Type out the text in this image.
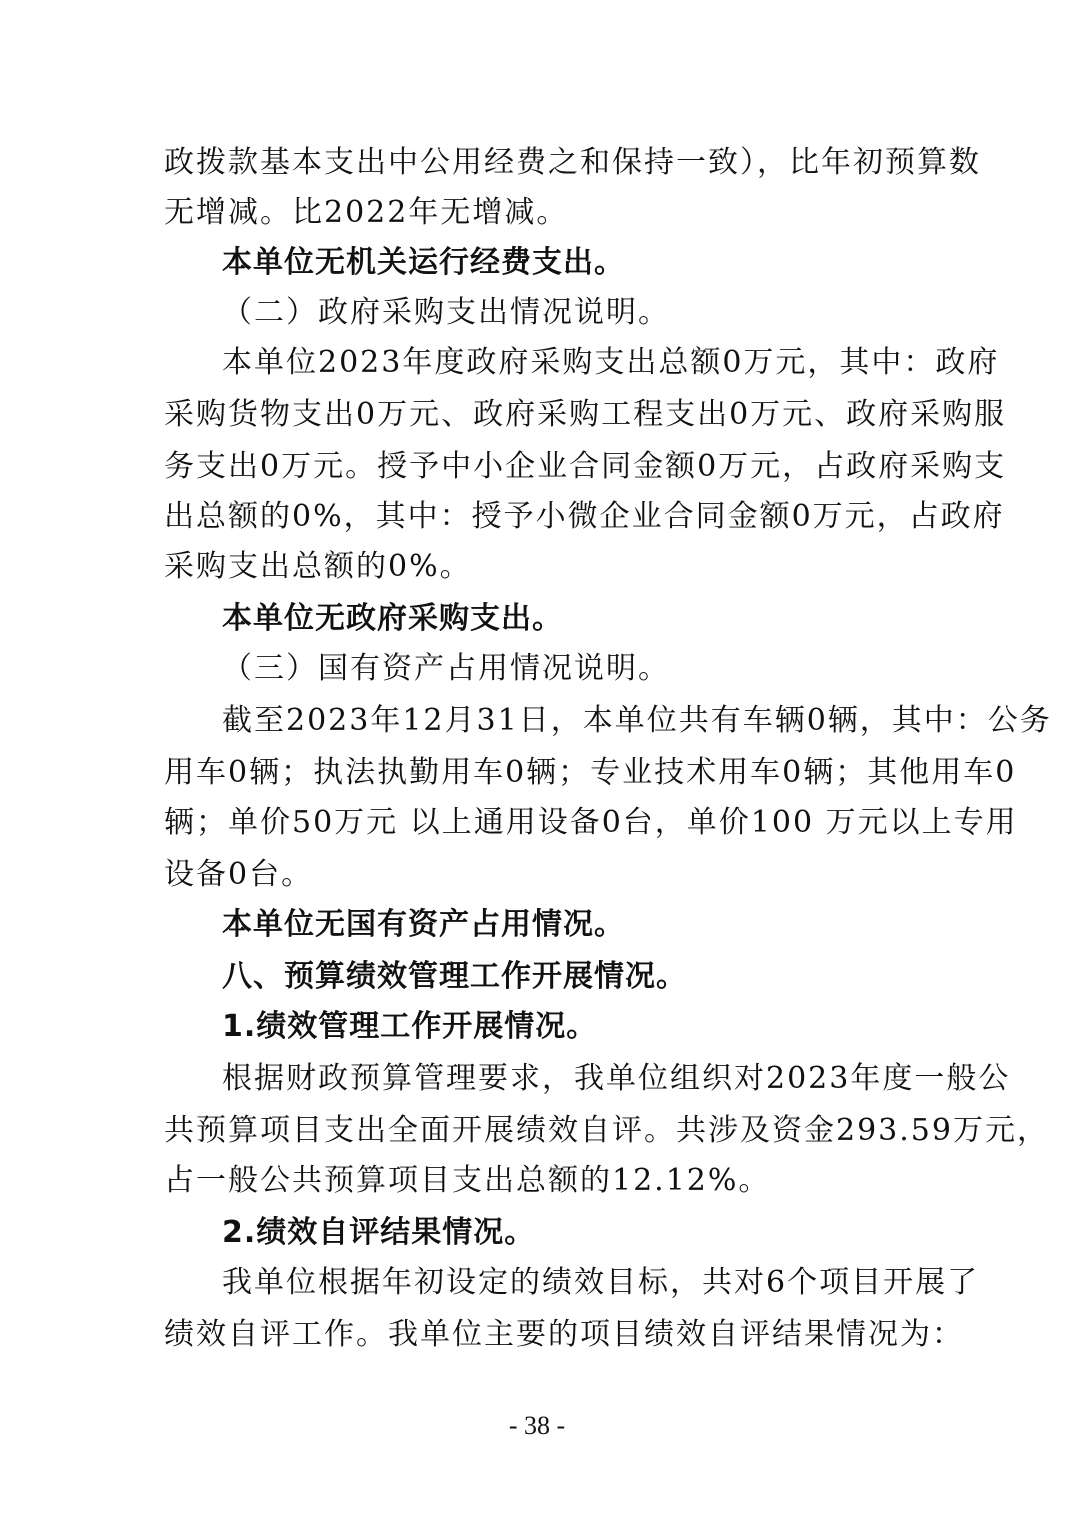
政拨款基本支出中公用经费之和保持一致），比年初预算数
无增减。比2022年无增减。
本单位无机关运行经费支出。
（二）政府采购支出情况说明。
本单位2023年度政府采购支出总额0万元，其中：政府
采购货物支出0万元、政府采购工程支出0万元、政府采购服
务支出0万元。授予中小企业合同金额0万元，占政府采购支
出总额的0%，其中：授予小微企业合同金额0万元，占政府
采购支出总额的0%。
本单位无政府采购支出。
（三）国有资产占用情况说明。
截至2023年12月31日，本单位共有车辆0辆，其中：公务
用车0辆；执法执勤用车0辆；专业技术用车0辆；其他用车0
辆；单价50万元 以上通用设备0台，单价100 万元以上专用
设备0台。
本单位无国有资产占用情况。
八、预算绩效管理工作开展情况。
1.绩效管理工作开展情况。
根据财政预算管理要求，我单位组织对2023年度一般公
共预算项目支出全面开展绩效自评。共涉及资金293.59万元，
占一般公共预算项目支出总额的12.12%。
2.绩效自评结果情况。
我单位根据年初设定的绩效目标，共对6个项目开展了
绩效自评工作。我单位主要的项目绩效自评结果情况为：
- 38 -
